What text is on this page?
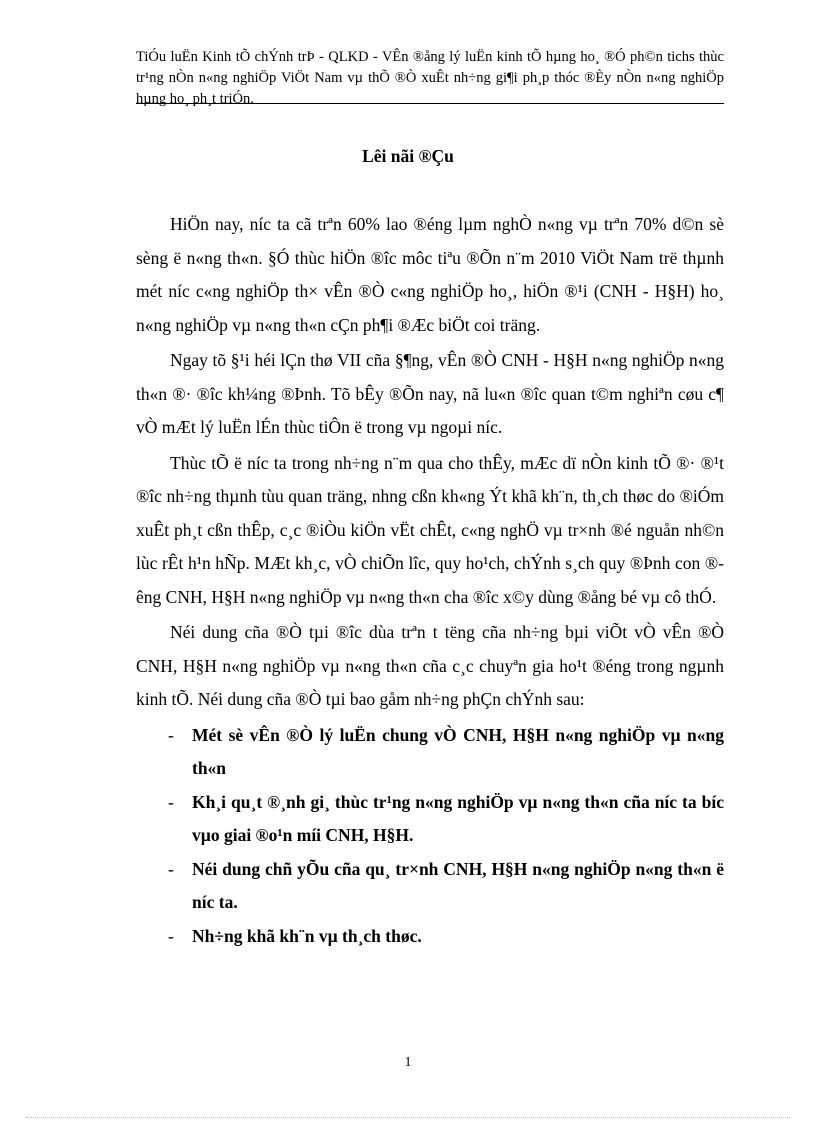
TiÓu luËn Kinh tÕ chÝnh trÞ - QLKD - VÊn ®ång lý luËn kinh tÕ hµng ho¸ ®Ó ph©n tichs thùc tr¹ng nÒn n«ng nghiÖp ViÖt Nam vµ thÕ ®Ò xuÊt nh÷ng gi¶i ph¸p thóc ®Èy nÒn n«ng nghiÖp hµng ho¸ ph¸t triÓn.
Lêi nãi ®Çu

HiÖn nay, níc ta cã trªn 60% lao ®éng lµm nghÒ n«ng vµ trªn 70% d©n sè sèng ë n«ng th«n. §Ó thùc hiÖn ®îc môc tiªu ®Õn n¨m 2010 ViÖt Nam trë thµnh mét níc c«ng nghiÖp th× vÊn ®Ò c«ng nghiÖp ho¸, hiÖn ®¹i (CNH - H§H) ho¸ n«ng nghiÖp vµ n«ng th«n cÇn ph¶i ®Æc biÖt coi träng.

Ngay tõ §¹i héi lÇn thø VII cña §¶ng, vÊn ®Ò CNH - H§H n«ng nghiÖp n«ng th«n ®· ®îc kh¼ng ®Þnh. Tõ bÊy ®Õn nay, nã lu«n ®îc quan t©m nghiªn cøu c¶ vÒ mÆt lý luËn lÉn thùc tiÔn ë trong vµ ngoµi níc.

Thùc tÕ ë níc ta trong nh÷ng n¨m qua cho thÊy, mÆc dï nÒn kinh tÕ ®· ®¹t ®îc nh÷ng thµnh tùu quan träng, nhng cßn kh«ng Ýt khã kh¨n, th¸ch thøc do ®iÓm xuÊt ph¸t cßn thÊp, c¸c ®iÒu kiÖn vËt chÊt, c«ng nghÖ vµ tr×nh ®é nguån nh©n lùc rÊt h¹n hÑp. MÆt kh¸c, vÒ chiÕn lîc, quy ho¹ch, chÝnh s¸ch quy ®Þnh con ®êng CNH, H§H n«ng nghiÖp vµ n«ng th«n cha ®îc x©y dùng ®ång bé vµ cô thÓ.

Néi dung cña ®Ò tµi ®îc dùa trªn t tëng cña nh÷ng bµi viÕt vÒ vÊn ®Ò CNH, H§H n«ng nghiÖp vµ n«ng th«n cña c¸c chuyªn gia ho¹t ®éng trong ngµnh kinh tÕ. Néi dung cña ®Ò tµi bao gåm nh÷ng phÇn chÝnh sau:

- Mét sè vÊn ®Ò lý luËn chung vÒ CNH, H§H n«ng nghiÖp vµ n«ng th«n
- Kh¸i qu¸t ®¸nh gi¸ thùc tr¹ng n«ng nghiÖp vµ n«ng th«n cña níc ta bíc vµo giai ®o¹n míi CNH, H§H.
- Néi dung chñ yÕu cña qu¸ tr×nh CNH, H§H n«ng nghiÖp n«ng th«n ë níc ta.
- Nh÷ng khã kh¨n vµ th¸ch thøc.
1
